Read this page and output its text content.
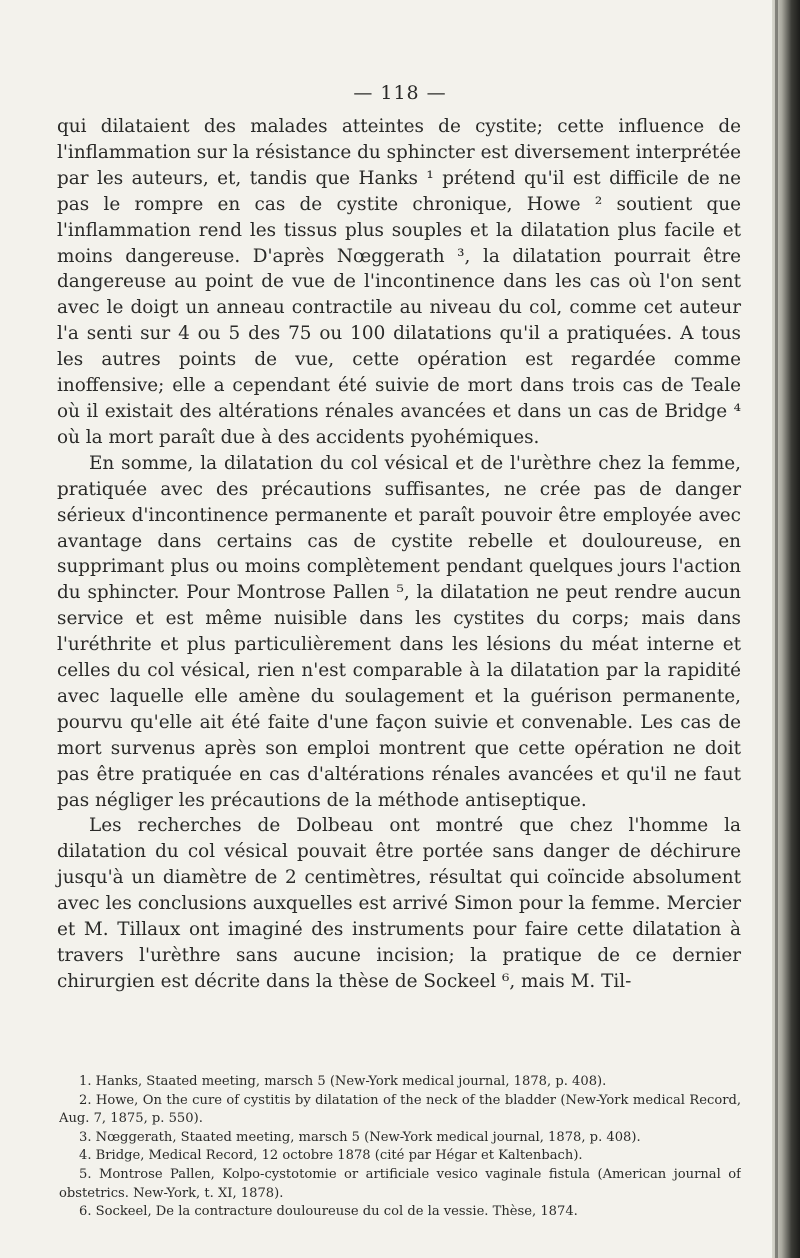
— 118 —

qui dilataient des malades atteintes de cystite; cette influence de l'inflammation sur la résistance du sphincter est diversement interprétée par les auteurs, et, tandis que Hanks ¹ prétend qu'il est difficile de ne pas le rompre en cas de cystite chronique, Howe ² soutient que l'inflammation rend les tissus plus souples et la dilatation plus facile et moins dangereuse. D'après Nœggerath ³, la dilatation pourrait être dangereuse au point de vue de l'incontinence dans les cas où l'on sent avec le doigt un anneau contractile au niveau du col, comme cet auteur l'a senti sur 4 ou 5 des 75 ou 100 dilatations qu'il a pratiquées. A tous les autres points de vue, cette opération est regardée comme inoffensive; elle a cependant été suivie de mort dans trois cas de Teale où il existait des altérations rénales avancées et dans un cas de Bridge ⁴ où la mort paraît due à des accidents pyohémiques.

En somme, la dilatation du col vésical et de l'urèthre chez la femme, pratiquée avec des précautions suffisantes, ne crée pas de danger sérieux d'incontinence permanente et paraît pouvoir être employée avec avantage dans certains cas de cystite rebelle et douloureuse, en supprimant plus ou moins complètement pendant quelques jours l'action du sphincter. Pour Montrose Pallen ⁵, la dilatation ne peut rendre aucun service et est même nuisible dans les cystites du corps; mais dans l'uréthrite et plus particulièrement dans les lésions du méat interne et celles du col vésical, rien n'est comparable à la dilatation par la rapidité avec laquelle elle amène du soulagement et la guérison permanente, pourvu qu'elle ait été faite d'une façon suivie et convenable. Les cas de mort survenus après son emploi montrent que cette opération ne doit pas être pratiquée en cas d'altérations rénales avancées et qu'il ne faut pas négliger les précautions de la méthode antiseptique.

Les recherches de Dolbeau ont montré que chez l'homme la dilatation du col vésical pouvait être portée sans danger de déchirure jusqu'à un diamètre de 2 centimètres, résultat qui coïncide absolument avec les conclusions auxquelles est arrivé Simon pour la femme. Mercier et M. Tillaux ont imaginé des instruments pour faire cette dilatation à travers l'urèthre sans aucune incision; la pratique de ce dernier chirurgien est décrite dans la thèse de Sockeel ⁶, mais M. Til-

1. Hanks, Staated meeting, marsch 5 (New-York medical journal, 1878, p. 408).
2. Howe, On the cure of cystitis by dilatation of the neck of the bladder (New-York medical Record, Aug. 7, 1875, p. 550).
3. Nœggerath, Staated meeting, marsch 5 (New-York medical journal, 1878, p. 408).
4. Bridge, Medical Record, 12 octobre 1878 (cité par Hégar et Kaltenbach).
5. Montrose Pallen, Kolpo-cystotomie or artificiale vesico vaginale fistula (American journal of obstetrics. New-York, t. XI, 1878).
6. Sockeel, De la contracture douloureuse du col de la vessie. Thèse, 1874.
